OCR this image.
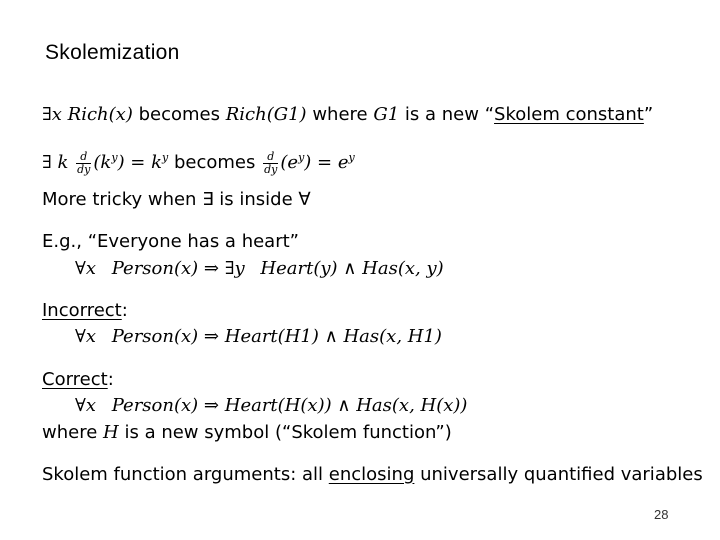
Skolemization
∃x Rich(x) becomes Rich(G1) where G1 is a new “Skolem constant”
∃ k $\frac{d}{dy} (k^y) = k^y$ becomes $\frac{d}{dy} (e^y) = e^y$
More tricky when ∃ is inside ∀
E.g., “Everyone has a heart”
∀x Person(x) ⇒ ∃y Heart(y) ∧ Has(x, y)
Incorrect:
∀x Person(x) ⇒ Heart(H1) ∧ Has(x, H1)
Correct:
∀x Person(x) ⇒ Heart(H(x)) ∧ Has(x, H(x))
where H is a new symbol (“Skolem function”)
Skolem function arguments: all enclosing universally quantified variables
28
